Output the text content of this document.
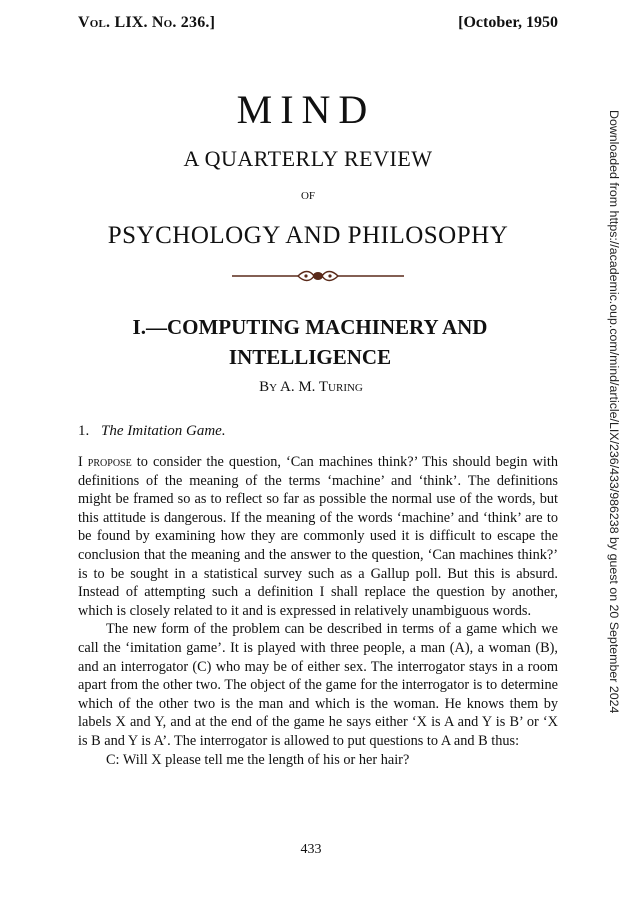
Vol. LIX. No. 236.]	[October, 1950
MIND
A QUARTERLY REVIEW
OF
PSYCHOLOGY AND PHILOSOPHY
I.—COMPUTING MACHINERY AND INTELLIGENCE
By A. M. Turing
1. The Imitation Game.

I propose to consider the question, ‘Can machines think?’ This should begin with definitions of the meaning of the terms ‘machine’ and ‘think’. The definitions might be framed so as to reflect so far as possible the normal use of the words, but this attitude is dangerous. If the meaning of the words ‘machine’ and ‘think’ are to be found by examining how they are commonly used it is difficult to escape the conclusion that the meaning and the answer to the question, ‘Can machines think?’ is to be sought in a statistical survey such as a Gallup poll. But this is absurd. Instead of attempting such a definition I shall replace the question by another, which is closely related to it and is expressed in relatively unambiguous words.

The new form of the problem can be described in terms of a game which we call the ‘imitation game’. It is played with three people, a man (A), a woman (B), and an interrogator (C) who may be of either sex. The interrogator stays in a room apart from the other two. The object of the game for the interrogator is to determine which of the other two is the man and which is the woman. He knows them by labels X and Y, and at the end of the game he says either ‘X is A and Y is B’ or ‘X is B and Y is A’. The interrogator is allowed to put questions to A and B thus:

C: Will X please tell me the length of his or her hair?

433
Downloaded from https://academic.oup.com/mind/article/LIX/236/433/986238 by guest on 20 September 2024
